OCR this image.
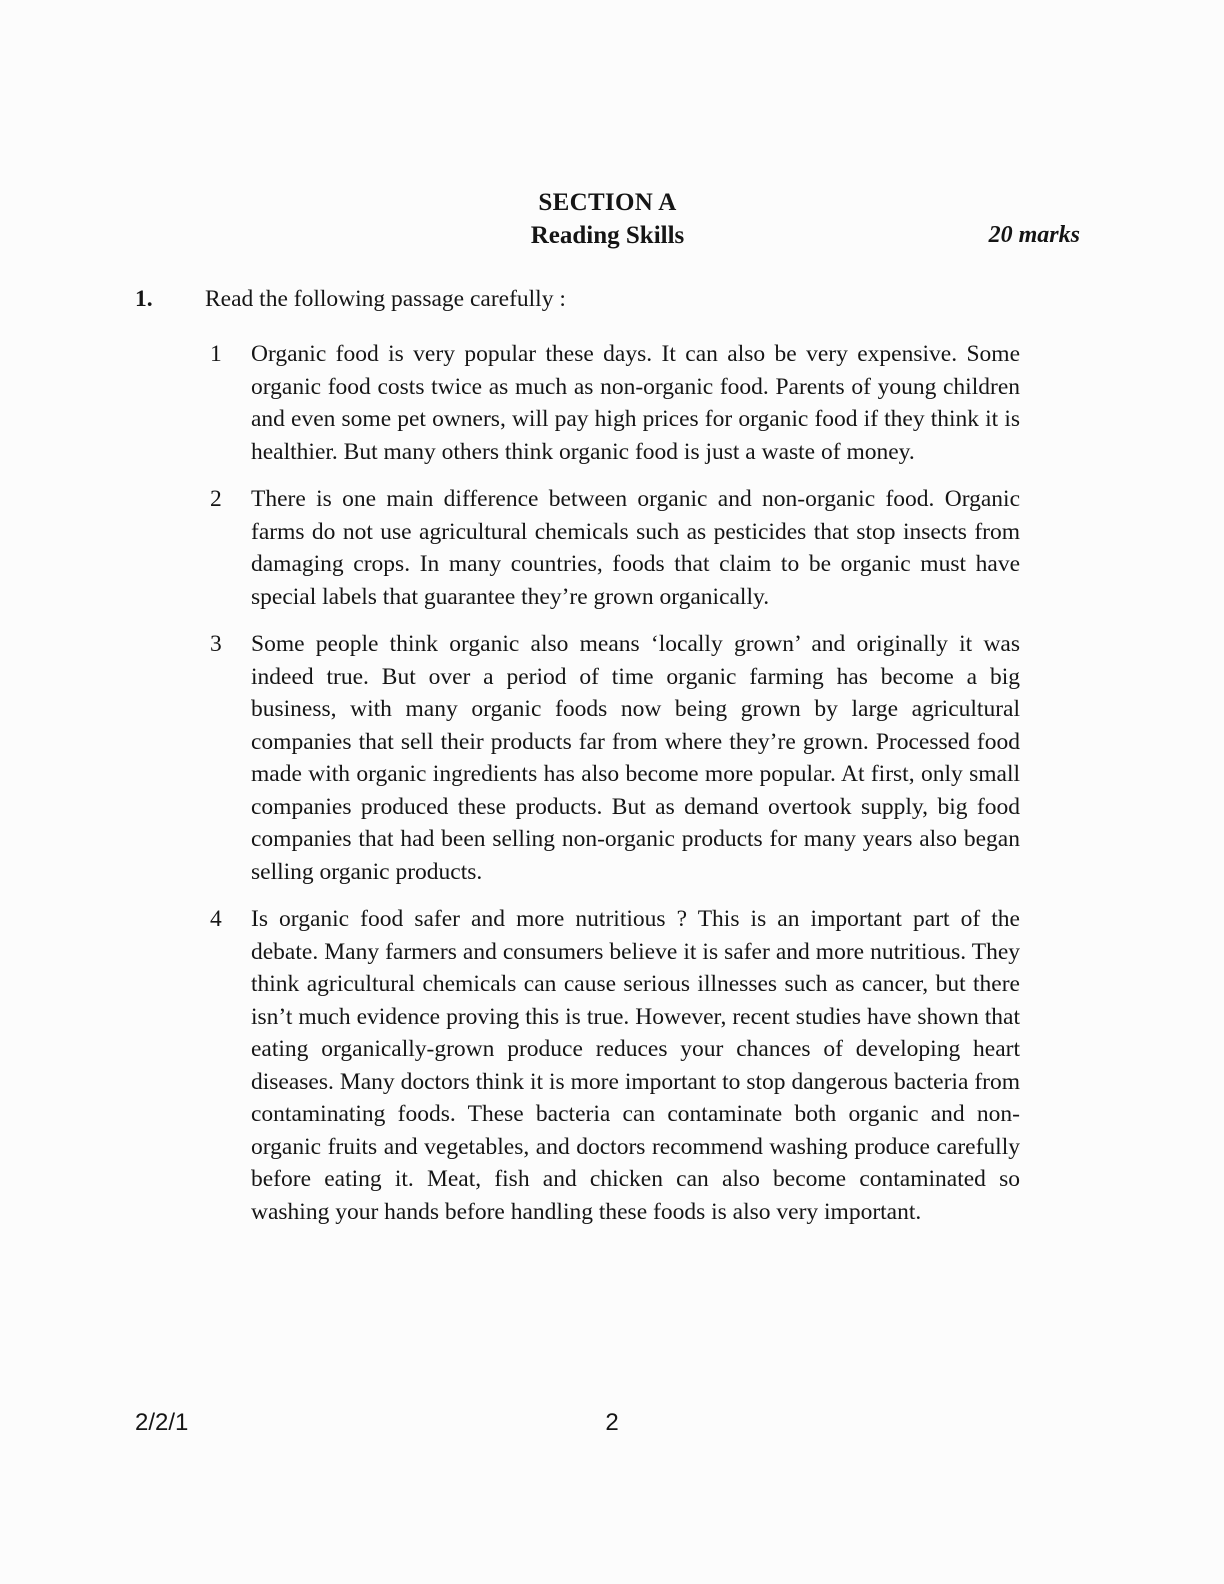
SECTION A
Reading Skills	20 marks
1.	Read the following passage carefully :
1	Organic food is very popular these days. It can also be very expensive. Some organic food costs twice as much as non-organic food. Parents of young children and even some pet owners, will pay high prices for organic food if they think it is healthier. But many others think organic food is just a waste of money.
2	There is one main difference between organic and non-organic food. Organic farms do not use agricultural chemicals such as pesticides that stop insects from damaging crops. In many countries, foods that claim to be organic must have special labels that guarantee they’re grown organically.
3	Some people think organic also means ‘locally grown’ and originally it was indeed true. But over a period of time organic farming has become a big business, with many organic foods now being grown by large agricultural companies that sell their products far from where they’re grown. Processed food made with organic ingredients has also become more popular. At first, only small companies produced these products. But as demand overtook supply, big food companies that had been selling non-organic products for many years also began selling organic products.
4	Is organic food safer and more nutritious ? This is an important part of the debate. Many farmers and consumers believe it is safer and more nutritious. They think agricultural chemicals can cause serious illnesses such as cancer, but there isn’t much evidence proving this is true. However, recent studies have shown that eating organically-grown produce reduces your chances of developing heart diseases. Many doctors think it is more important to stop dangerous bacteria from contaminating foods. These bacteria can contaminate both organic and non-organic fruits and vegetables, and doctors recommend washing produce carefully before eating it. Meat, fish and chicken can also become contaminated so washing your hands before handling these foods is also very important.
2/2/1	2
